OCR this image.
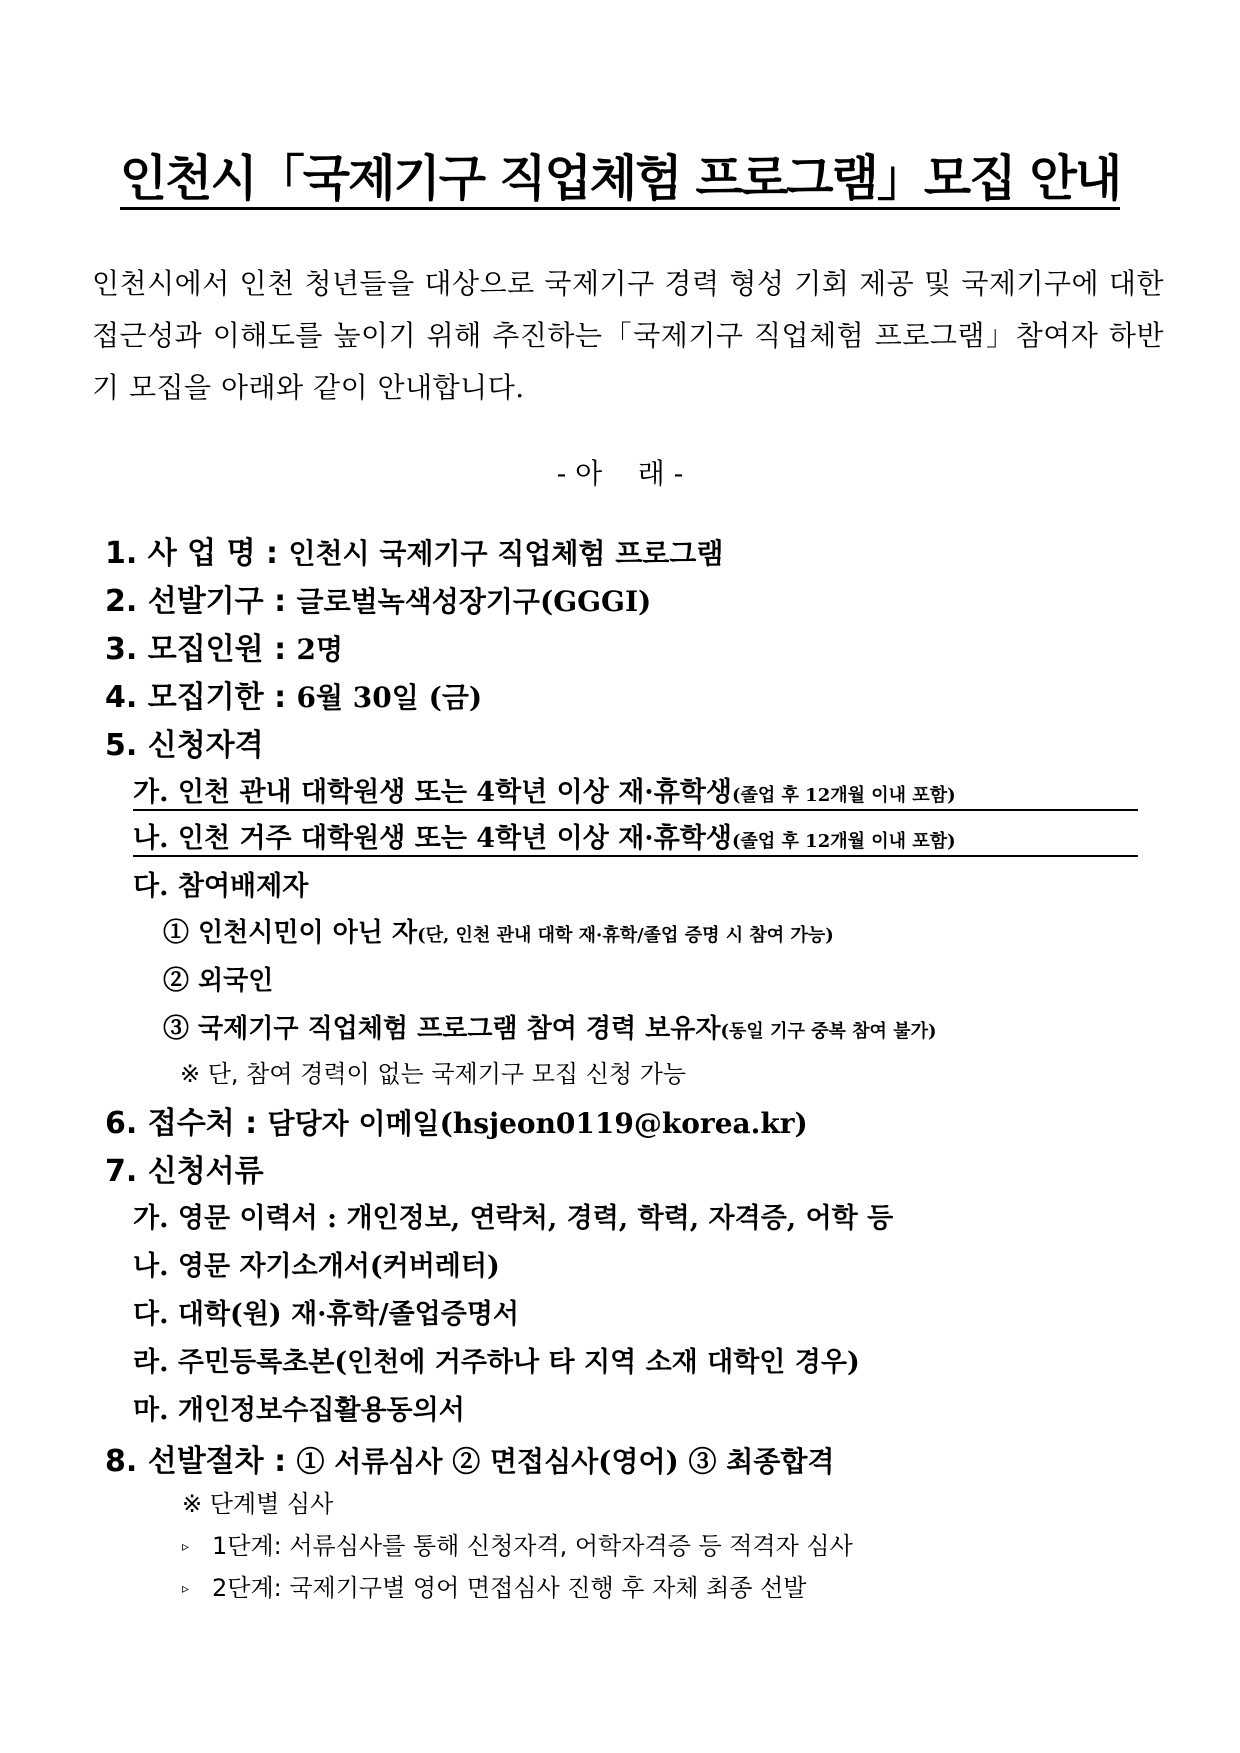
인천시「국제기구 직업체험 프로그램」모집 안내
인천시에서 인천 청년들을 대상으로 국제기구 경력 형성 기회 제공 및 국제기구에 대한 접근성과 이해도를 높이기 위해 추진하는「국제기구 직업체험 프로그램」참여자 하반기 모집을 아래와 같이 안내합니다.
- 아    래 -
1. 사 업 명 : 인천시 국제기구 직업체험 프로그램
2. 선발기구 : 글로벌녹색성장기구(GGGI)
3. 모집인원 : 2명
4. 모집기한 : 6월 30일 (금)
5. 신청자격
가. 인천 관내 대학원생 또는 4학년 이상 재·휴학생(졸업 후 12개월 이내 포함)
나. 인천 거주 대학원생 또는 4학년 이상 재·휴학생(졸업 후 12개월 이내 포함)
다. 참여배제자
① 인천시민이 아닌 자(단, 인천 관내 대학 재·휴학/졸업 증명 시 참여 가능)
② 외국인
③ 국제기구 직업체험 프로그램 참여 경력 보유자(동일 기구 중복 참여 불가)
※ 단, 참여 경력이 없는 국제기구 모집 신청 가능
6. 접수처 : 담당자 이메일(hsjeon0119@korea.kr)
7. 신청서류
가. 영문 이력서 : 개인정보, 연락처, 경력, 학력, 자격증, 어학 등
나. 영문 자기소개서(커버레터)
다. 대학(원) 재·휴학/졸업증명서
라. 주민등록초본(인천에 거주하나 타 지역 소재 대학인 경우)
마. 개인정보수집활용동의서
8. 선발절차 : ① 서류심사 ② 면접심사(영어) ③ 최종합격
※ 단계별 심사
▹ 1단계: 서류심사를 통해 신청자격, 어학자격증 등 적격자 심사
▹ 2단계: 국제기구별 영어 면접심사 진행 후 자체 최종 선발
